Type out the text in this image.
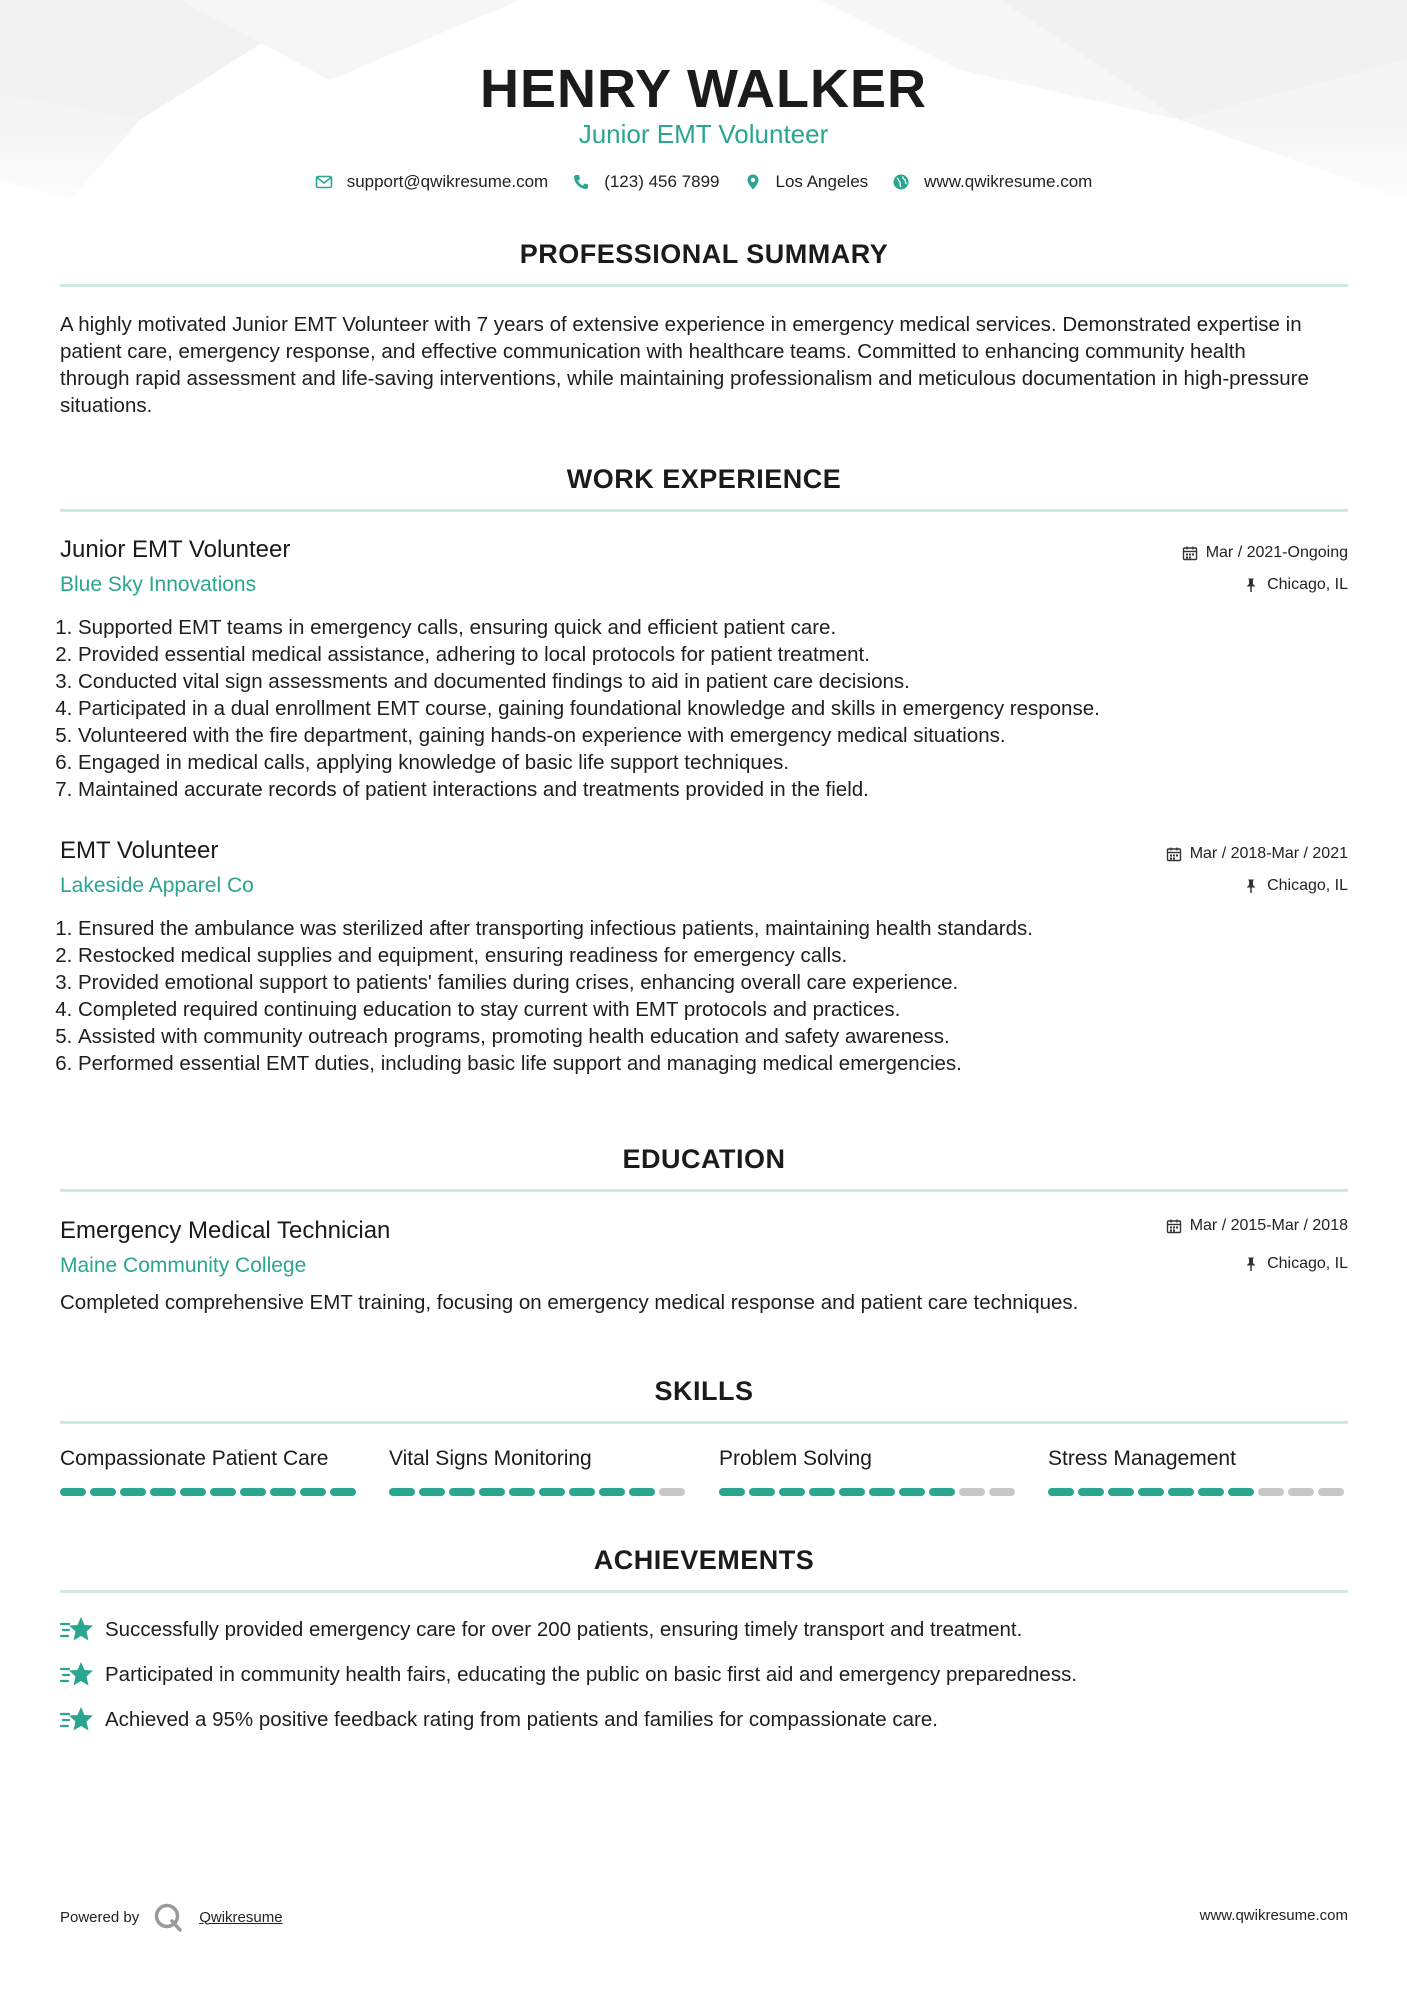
HENRY WALKER
Junior EMT Volunteer
support@qwikresume.com	(123) 456 7899	Los Angeles	www.qwikresume.com
PROFESSIONAL SUMMARY
A highly motivated Junior EMT Volunteer with 7 years of extensive experience in emergency medical services. Demonstrated expertise in patient care, emergency response, and effective communication with healthcare teams. Committed to enhancing community health through rapid assessment and life-saving interventions, while maintaining professionalism and meticulous documentation in high-pressure situations.
WORK EXPERIENCE
Junior EMT Volunteer
Blue Sky Innovations
Mar / 2021-Ongoing
Chicago, IL
1. Supported EMT teams in emergency calls, ensuring quick and efficient patient care.
2. Provided essential medical assistance, adhering to local protocols for patient treatment.
3. Conducted vital sign assessments and documented findings to aid in patient care decisions.
4. Participated in a dual enrollment EMT course, gaining foundational knowledge and skills in emergency response.
5. Volunteered with the fire department, gaining hands-on experience with emergency medical situations.
6. Engaged in medical calls, applying knowledge of basic life support techniques.
7. Maintained accurate records of patient interactions and treatments provided in the field.
EMT Volunteer
Lakeside Apparel Co
Mar / 2018-Mar / 2021
Chicago, IL
1. Ensured the ambulance was sterilized after transporting infectious patients, maintaining health standards.
2. Restocked medical supplies and equipment, ensuring readiness for emergency calls.
3. Provided emotional support to patients' families during crises, enhancing overall care experience.
4. Completed required continuing education to stay current with EMT protocols and practices.
5. Assisted with community outreach programs, promoting health education and safety awareness.
6. Performed essential EMT duties, including basic life support and managing medical emergencies.
EDUCATION
Emergency Medical Technician
Maine Community College
Mar / 2015-Mar / 2018
Chicago, IL
Completed comprehensive EMT training, focusing on emergency medical response and patient care techniques.
SKILLS
Compassionate Patient Care	Vital Signs Monitoring	Problem Solving	Stress Management
ACHIEVEMENTS
Successfully provided emergency care for over 200 patients, ensuring timely transport and treatment.
Participated in community health fairs, educating the public on basic first aid and emergency preparedness.
Achieved a 95% positive feedback rating from patients and families for compassionate care.
Powered by	Qwikresume	www.qwikresume.com
